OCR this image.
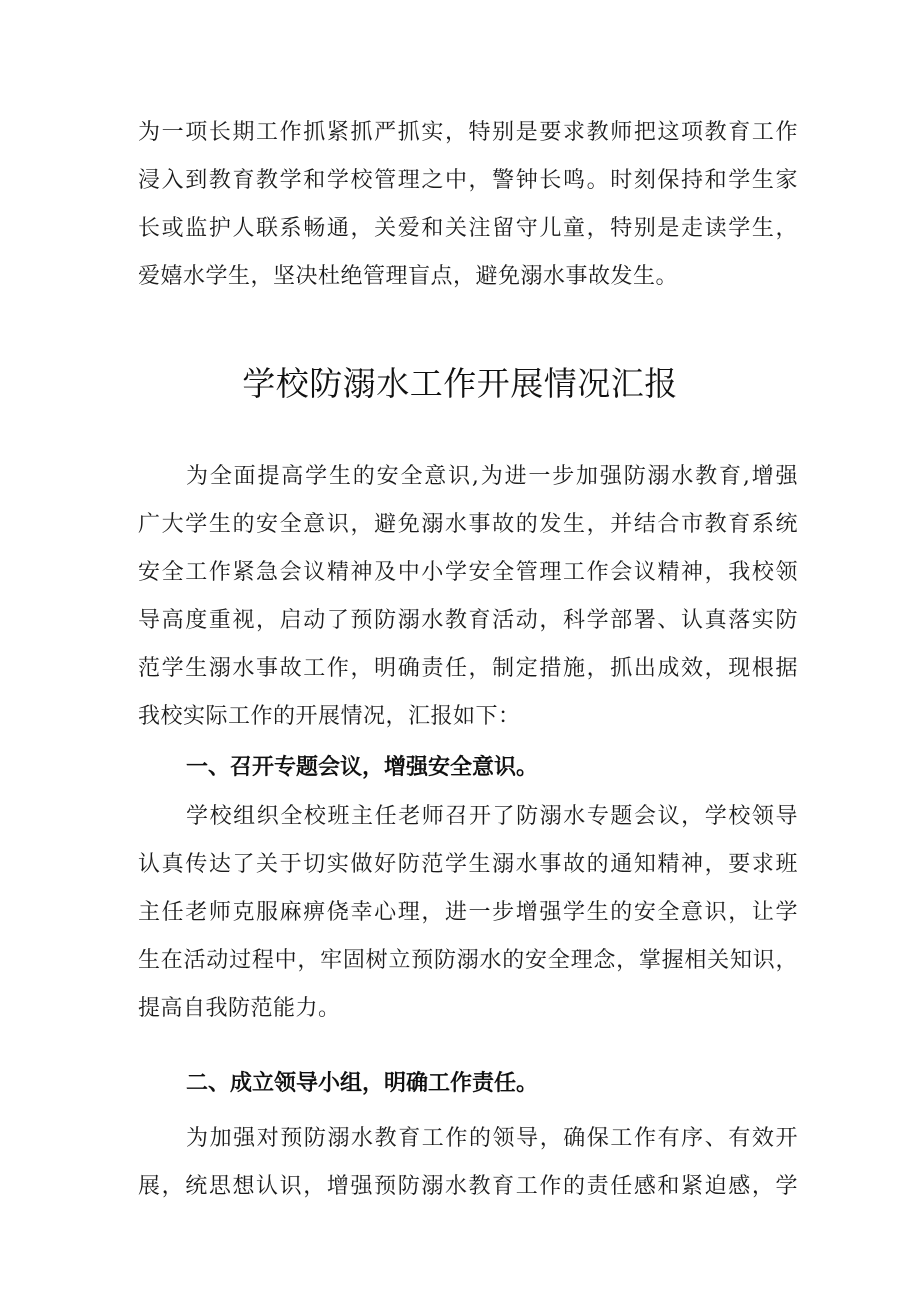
为一项长期工作抓紧抓严抓实，特别是要求教师把这项教育工作
浸入到教育教学和学校管理之中，警钟长鸣。时刻保持和学生家
长或监护人联系畅通，关爱和关注留守儿童，特别是走读学生，
爱嬉水学生，坚决杜绝管理盲点，避免溺水事故发生。
学校防溺水工作开展情况汇报
为全面提高学生的安全意识,为进一步加强防溺水教育,增强
广大学生的安全意识，避免溺水事故的发生，并结合市教育系统
安全工作紧急会议精神及中小学安全管理工作会议精神，我校领
导高度重视，启动了预防溺水教育活动，科学部署、认真落实防
范学生溺水事故工作，明确责任，制定措施，抓出成效，现根据
我校实际工作的开展情况，汇报如下：
一、召开专题会议，增强安全意识。
学校组织全校班主任老师召开了防溺水专题会议，学校领导
认真传达了关于切实做好防范学生溺水事故的通知精神，要求班
主任老师克服麻痹侥幸心理，进一步增强学生的安全意识，让学
生在活动过程中，牢固树立预防溺水的安全理念，掌握相关知识，
提高自我防范能力。
二、成立领导小组，明确工作责任。
为加强对预防溺水教育工作的领导，确保工作有序、有效开
展，统思想认识，增强预防溺水教育工作的责任感和紧迫感，学
